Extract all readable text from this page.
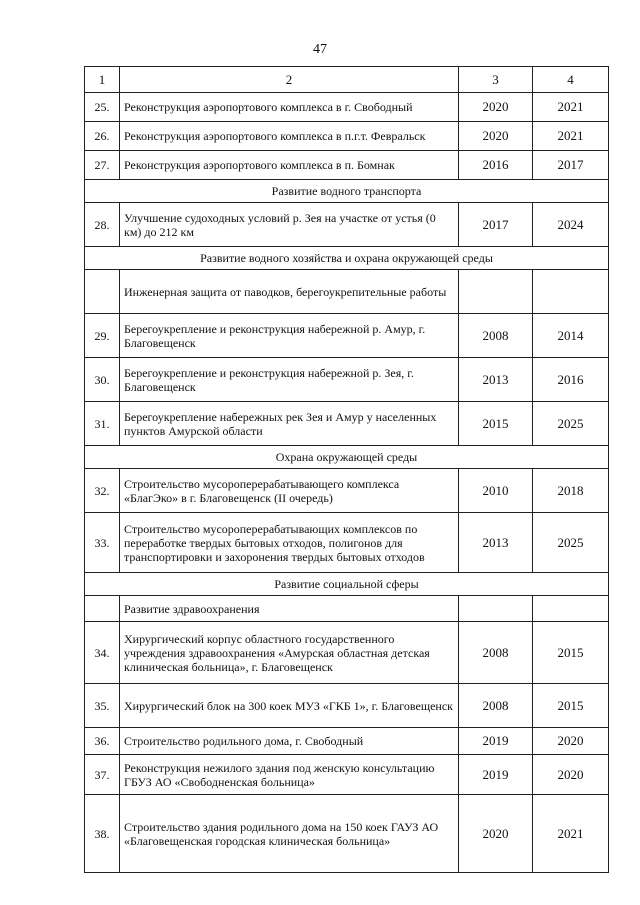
47
1	2	3	4
25.	Реконструкция аэропортового комплекса в г. Свободный	2020	2021
26.	Реконструкция аэропортового комплекса в п.г.т. Февральск	2020	2021
27.	Реконструкция аэропортового комплекса в п. Бомнак	2016	2017
Развитие водного транспорта			
28.	Улучшение судоходных условий р. Зея на участке от устья (0 км) до 212 км	2017	2024
Развитие водного хозяйства и охрана окружающей среды			
	Инженерная защита от паводков, берегоукрепительные работы		
29.	Берегоукрепление и реконструкция набережной р. Амур, г. Благовещенск	2008	2014
30.	Берегоукрепление и реконструкция набережной р. Зея, г. Благовещенск	2013	2016
31.	Берегоукрепление набережных рек Зея и Амур у населенных пунктов Амурской области	2015	2025
Охрана окружающей среды			
32.	Строительство мусороперерабатывающего комплекса «БлагЭко» в г. Благовещенск (II очередь)	2010	2018
33.	Строительство мусороперерабатывающих комплексов по переработке твердых бытовых отходов, полигонов для транспортировки и захоронения твердых бытовых отходов	2013	2025
Развитие социальной сферы			
	Развитие здравоохранения		
34.	Хирургический корпус областного государственного учреждения здравоохранения «Амурская областная детская клиническая больница», г. Благовещенск	2008	2015
35.	Хирургический блок на 300 коек МУЗ «ГКБ 1», г. Благовещенск	2008	2015
36.	Строительство родильного дома, г. Свободный	2019	2020
37.	Реконструкция нежилого здания под женскую консультацию ГБУЗ АО «Свободненская больница»	2019	2020
38.	Строительство здания родильного дома на 150 коек ГАУЗ АО «Благовещенская городская клиническая больница»	2020	2021
